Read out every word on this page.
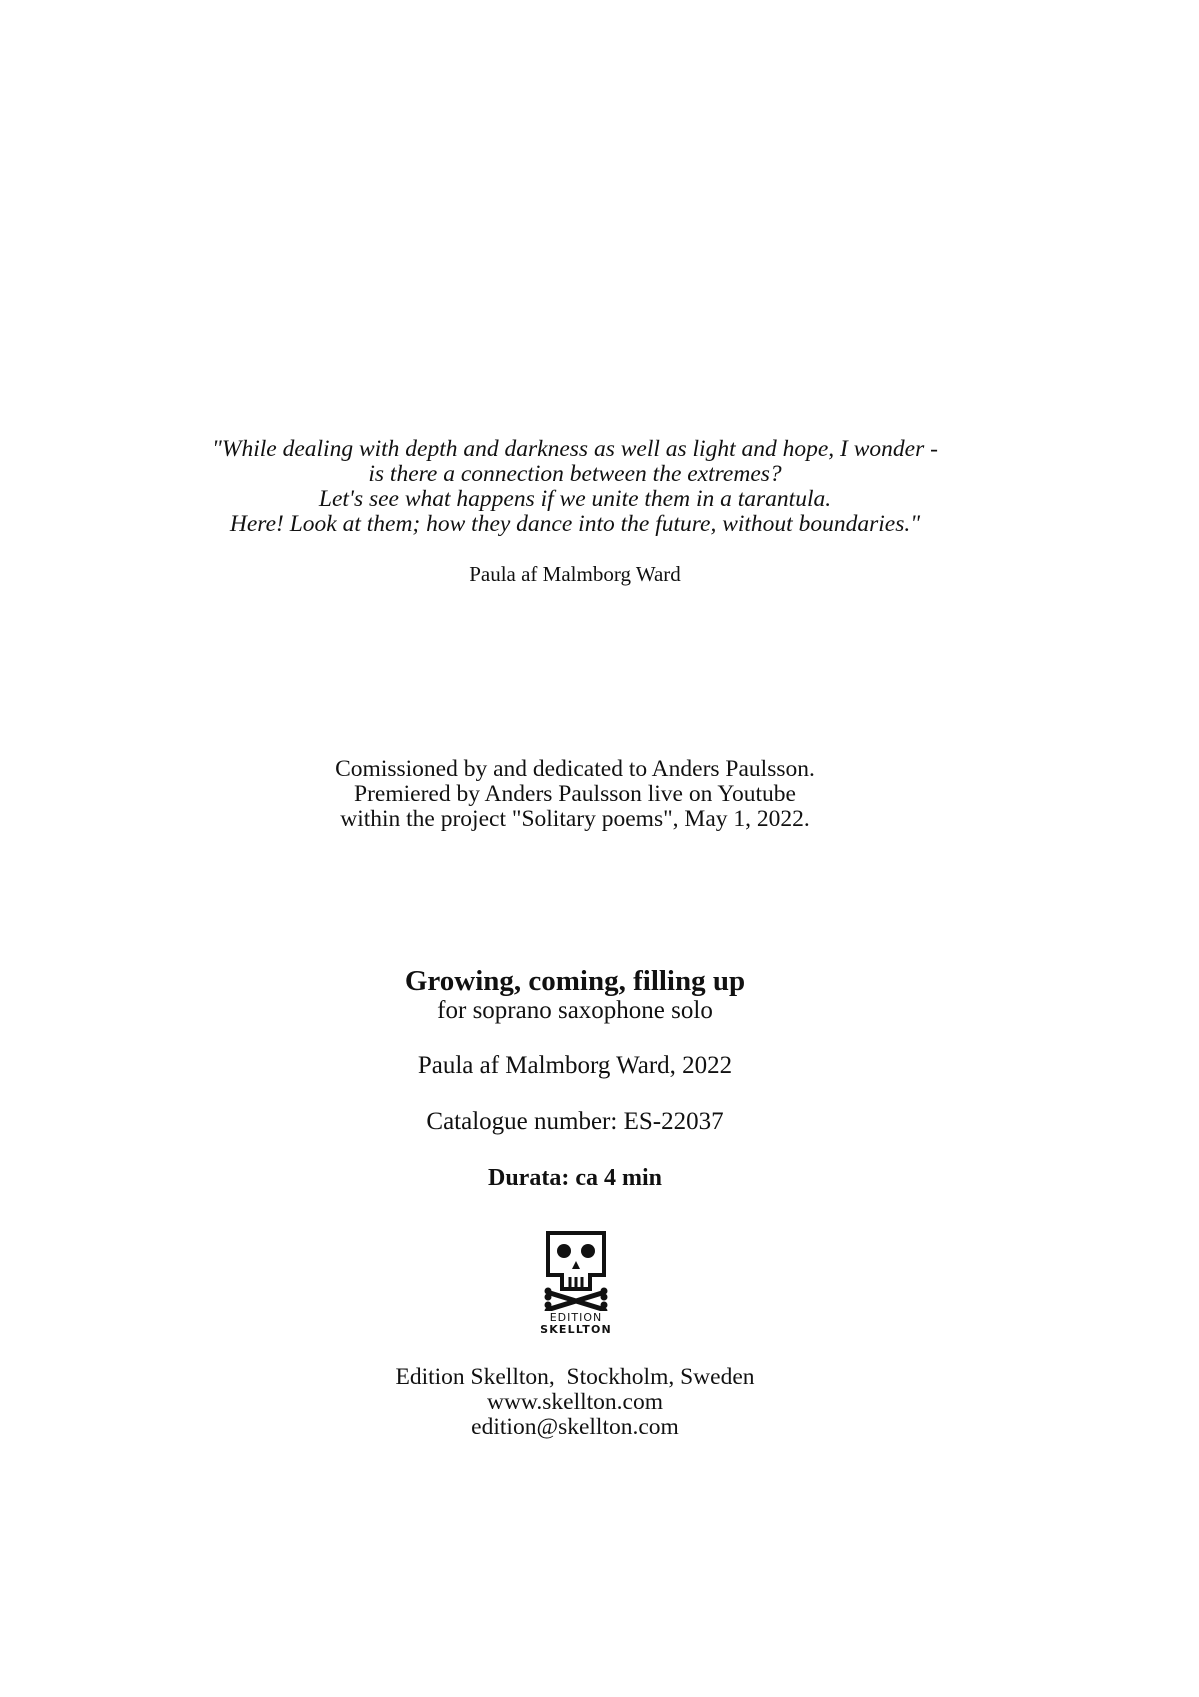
"While dealing with depth and darkness as well as light and hope, I wonder -
is there a connection between the extremes?
Let's see what happens if we unite them in a tarantula.
Here! Look at them; how they dance into the future, without boundaries."
Paula af Malmborg Ward
Comissioned by and dedicated to Anders Paulsson.
Premiered by Anders Paulsson live on Youtube
within the project "Solitary poems", May 1, 2022.
Growing, coming, filling up
for soprano saxophone solo
Paula af Malmborg Ward, 2022
Catalogue number: ES-22037
Durata: ca 4 min
EDITION
SKELLTON
Edition Skellton,  Stockholm, Sweden
www.skellton.com
edition@skellton.com
